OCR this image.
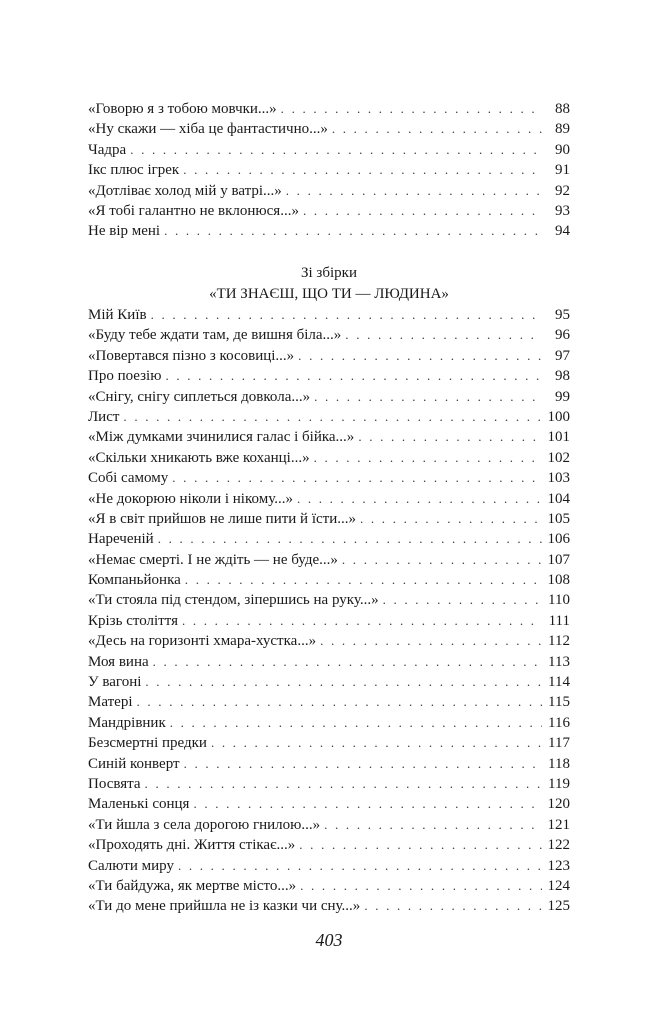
«Говорю я з тобою мовчки...» . . .	88
«Ну скажи — хіба це фантастично...» . . .	89
Чадра . . .	90
Ікс плюс ігрек . . .	91
«Дотліває холод мій у ватрі...» . . .	92
«Я тобі галантно не вклонюся...» . . .	93
Не вір мені . . .	94
Зі збірки
«ТИ ЗНАЄШ, ЩО ТИ — ЛЮДИНА»
Мій Київ . . .	95
«Буду тебе ждати там, де вишня біла...» . . .	96
«Повертався пізно з косовиці...» . . .	97
Про поезію . . .	98
«Снігу, снігу сиплеться довкола...» . . .	99
Лист . . .	100
«Між думками зчинилися галас і бійка...» . . .	101
«Скільки хникають вже коханці...» . . .	102
Собі самому . . .	103
«Не докорюю ніколи і нікому...» . . .	104
«Я в світ прийшов не лише пити й їсти...» . . .	105
Нареченій . . .	106
«Немає смерті. І не ждіть — не буде...» . . .	107
Компаньйонка . . .	108
«Ти стояла під стендом, зіпершись на руку...» . . .	110
Крізь століття . . .	111
«Десь на горизонті хмара-хустка...» . . .	112
Моя вина . . .	113
У вагоні . . .	114
Матері . . .	115
Мандрівник . . .	116
Безсмертні предки . . .	117
Синій конверт . . .	118
Посвята . . .	119
Маленькі сонця . . .	120
«Ти йшла з села дорогою гнилою...» . . .	121
«Проходять дні. Життя стікає...» . . .	122
Салюти миру . . .	123
«Ти байдужа, як мертве місто...» . . .	124
«Ти до мене прийшла не із казки чи сну...» . . .	125
403
